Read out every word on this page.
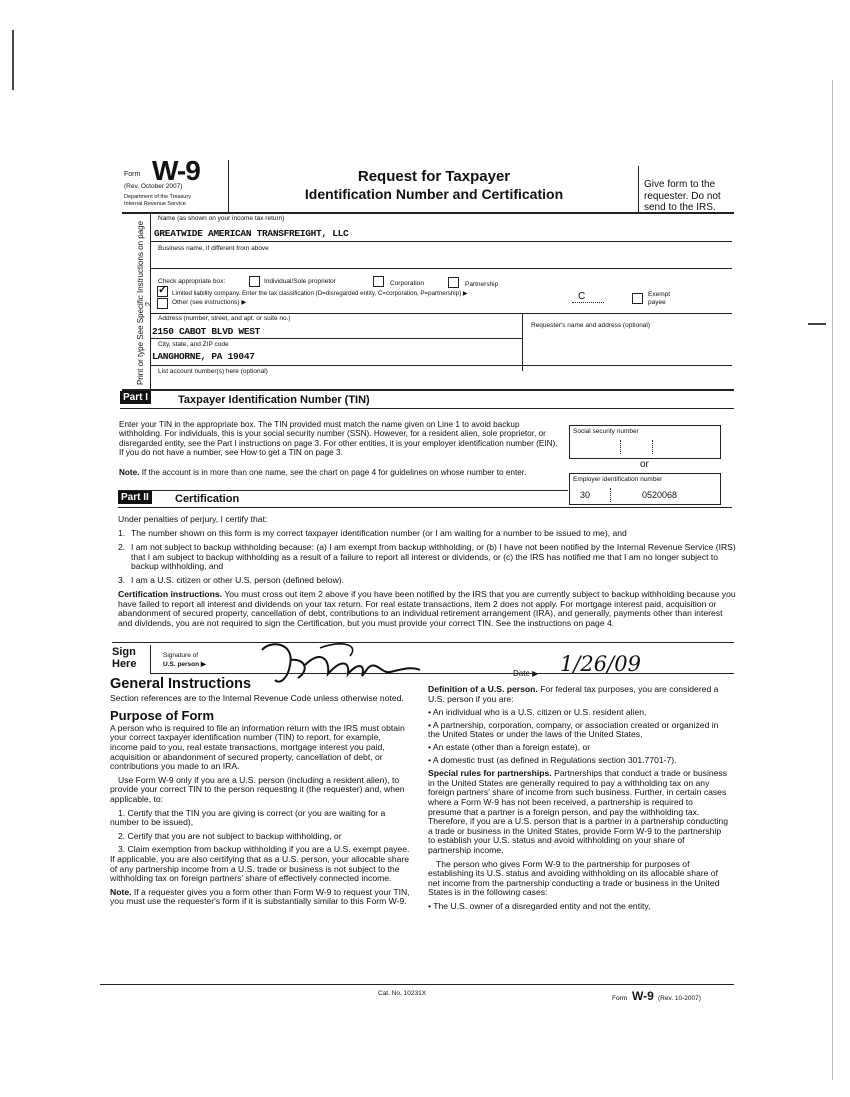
Form W-9
(Rev. October 2007)
Department of the Treasury
Internal Revenue Service
Request for Taxpayer
Identification Number and Certification
Give form to the requester. Do not send to the IRS.
Print or type See Specific Instructions on page 2.
Name (as shown on your income tax return)
GREATWIDE AMERICAN TRANSFREIGHT, LLC
Business name, if different from above
Check appropriate box:	Individual/Sole proprietor	Corporation	Partnership
✓ Limited liability company. Enter the tax classification (D=disregarded entity, C=corporation, P=partnership) ▶	C
Other (see instructions) ▶
Exempt payee
Address (number, street, and apt. or suite no.)
2150 CABOT BLVD WEST
Requester's name and address (optional)
City, state, and ZIP code
LANGHORNE, PA 19047
List account number(s) here (optional)
Part I	Taxpayer Identification Number (TIN)
Enter your TIN in the appropriate box. The TIN provided must match the name given on Line 1 to avoid backup withholding. For individuals, this is your social security number (SSN). However, for a resident alien, sole proprietor, or disregarded entity, see the Part I instructions on page 3. For other entities, it is your employer identification number (EIN). If you do not have a number, see How to get a TIN on page 3.
Note. If the account is in more than one name, see the chart on page 4 for guidelines on whose number to enter.
Social security number
or
Employer identification number
30	0520068
Part II Certification
Under penalties of perjury, I certify that:
1. The number shown on this form is my correct taxpayer identification number (or I am waiting for a number to be issued to me), and
2. I am not subject to backup withholding because: (a) I am exempt from backup withholding, or (b) I have not been notified by the Internal Revenue Service (IRS) that I am subject to backup withholding as a result of a failure to report all interest or dividends, or (c) the IRS has notified me that I am no longer subject to backup withholding, and
3. I am a U.S. citizen or other U.S. person (defined below).
Certification instructions. You must cross out item 2 above if you have been notified by the IRS that you are currently subject to backup withholding because you have failed to report all interest and dividends on your tax return. For real estate transactions, item 2 does not apply. For mortgage interest paid, acquisition or abandonment of secured property, cancellation of debt, contributions to an individual retirement arrangement (IRA), and generally, payments other than interest and dividends, you are not required to sign the Certification, but you must provide your correct TIN. See the instructions on page 4.
Sign Here
Signature of
U.S. person ▶
Date ▶ 1/26/09
General Instructions

Section references are to the Internal Revenue Code unless otherwise noted.

Purpose of Form

A person who is required to file an information return with the IRS must obtain your correct taxpayer identification number (TIN) to report, for example, income paid to you, real estate transactions, mortgage interest you paid, acquisition or abandonment of secured property, cancellation of debt, or contributions you made to an IRA.

Use Form W-9 only if you are a U.S. person (including a resident alien), to provide your correct TIN to the person requesting it (the requester) and, when applicable, to:

1. Certify that the TIN you are giving is correct (or you are waiting for a number to be issued),

2. Certify that you are not subject to backup withholding, or

3. Claim exemption from backup withholding if you are a U.S. exempt payee. If applicable, you are also certifying that as a U.S. person, your allocable share of any partnership income from a U.S. trade or business is not subject to the withholding tax on foreign partners' share of effectively connected income.

Note. If a requester gives you a form other than Form W-9 to request your TIN, you must use the requester's form if it is substantially similar to this Form W-9.

Definition of a U.S. person. For federal tax purposes, you are considered a U.S. person if you are:

• An individual who is a U.S. citizen or U.S. resident alien,
• A partnership, corporation, company, or association created or organized in the United States or under the laws of the United States,
• An estate (other than a foreign estate), or
• A domestic trust (as defined in Regulations section 301.7701-7).

Special rules for partnerships. Partnerships that conduct a trade or business in the United States are generally required to pay a withholding tax on any foreign partners' share of income from such business. Further, in certain cases where a Form W-9 has not been received, a partnership is required to presume that a partner is a foreign person, and pay the withholding tax. Therefore, if you are a U.S. person that is a partner in a partnership conducting a trade or business in the United States, provide Form W-9 to the partnership to establish your U.S. status and avoid withholding on your share of partnership income.

The person who gives Form W-9 to the partnership for purposes of establishing its U.S. status and avoiding withholding on its allocable share of net income from the partnership conducting a trade or business in the United States is in the following cases:

• The U.S. owner of a disregarded entity and not the entity,

Cat. No. 10231X
Form W-9 (Rev. 10-2007)
